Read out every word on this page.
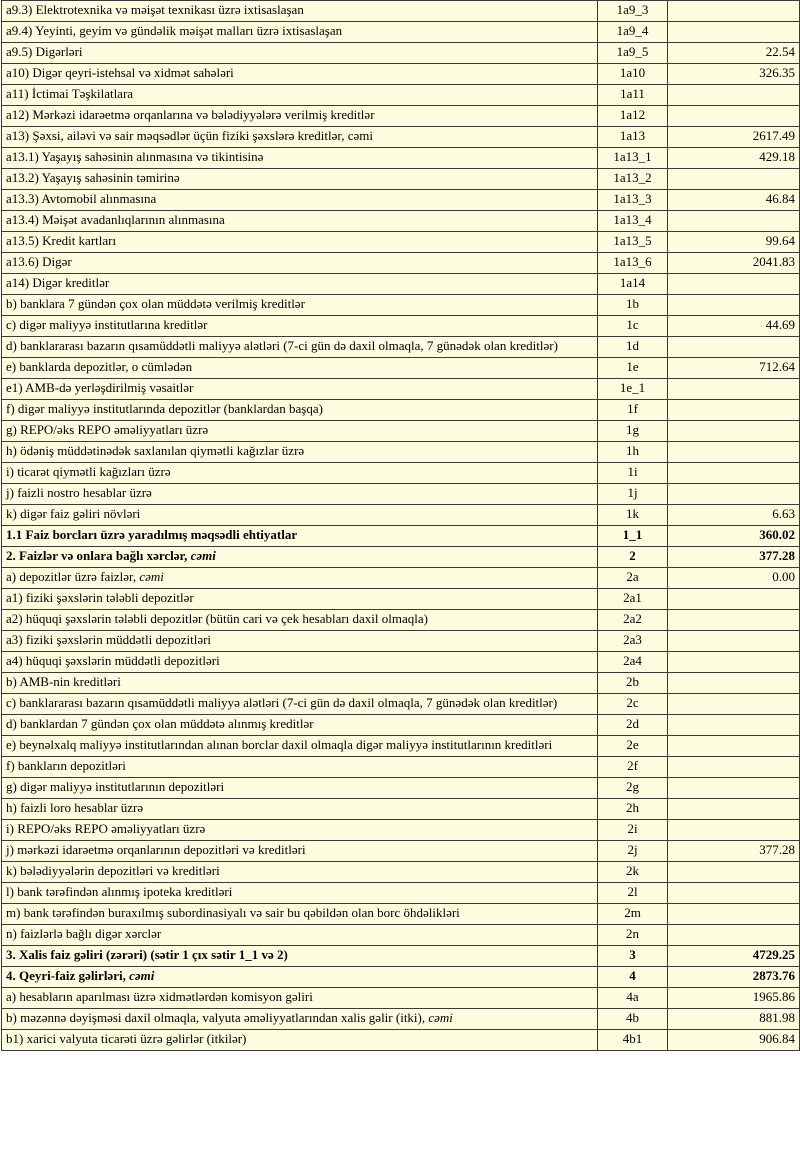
a9.3) Elektrotexnika və məişət texnikası üzrə ixtisaslaşan	1a9_3	
a9.4) Yeyinti, geyim və gündəlik məişət malları üzrə ixtisaslaşan	1a9_4	
a9.5) Digərləri	1a9_5	22.54
a10) Digər qeyri-istehsal və xidmət sahələri	1a10	326.35
a11) İctimai Təşkilatlara	1a11	
a12) Mərkəzi idarəetmə orqanlarına və bələdiyyələrə verilmiş kreditlər	1a12	
a13) Şəxsi, ailəvi və sair məqsədlər üçün fiziki şəxslərə kreditlər, cəmi	1a13	2617.49
a13.1) Yaşayış sahəsinin alınmasına və tikintisinə	1a13_1	429.18
a13.2) Yaşayış sahəsinin təmirinə	1a13_2	
a13.3) Avtomobil alınmasına	1a13_3	46.84
a13.4) Məişət avadanlıqlarının alınmasına	1a13_4	
a13.5) Kredit kartları	1a13_5	99.64
a13.6) Digər	1a13_6	2041.83
a14) Digər kreditlər	1a14	
b) banklara 7 gündən çox olan müddətə verilmiş kreditlər	1b	
c) digər maliyyə institutlarına kreditlər	1c	44.69
d) banklararası bazarın qısamüddətli maliyyə alətləri (7-ci gün də daxil olmaqla, 7 günədək olan kreditlər)	1d	
e) banklarda depozitlər, o cümlədən	1e	712.64
e1) AMB-də yerləşdirilmiş vəsaitlər	1e_1	
f) digər maliyyə institutlarında depozitlər (banklardan başqa)	1f	
g) REPO/əks REPO əməliyyatları üzrə	1g	
h) ödəniş müddətinədək saxlanılan qiymətli kağızlar üzrə	1h	
i) ticarət qiymətli kağızları üzrə	1i	
j) faizli nostro hesablar üzrə	1j	
k) digər faiz gəliri növləri	1k	6.63
1.1 Faiz borcları üzrə yaradılmış məqsədli ehtiyatlar	1_1	360.02
2. Faizlər və onlara bağlı xərclər, cəmi	2	377.28
a) depozitlər üzrə faizlər, cəmi	2a	0.00
a1) fiziki şəxslərin tələbli depozitlər	2a1	
a2) hüquqi şəxslərin tələbli depozitlər (bütün cari və çek hesabları daxil olmaqla)	2a2	
a3) fiziki şəxslərin müddətli depozitləri	2a3	
a4) hüquqi şəxslərin müddətli depozitləri	2a4	
b) AMB-nin kreditləri	2b	
c) banklararası bazarın qısamüddətli maliyyə alətləri (7-ci gün də daxil olmaqla, 7 günədək olan kreditlər)	2c	
d) banklardan 7 gündən çox olan müddətə alınmış kreditlər	2d	
e) beynəlxalq maliyyə institutlarından alınan borclar daxil olmaqla digər maliyyə institutlarının kreditləri	2e	
f) bankların depozitləri	2f	
g) digər maliyyə institutlarının depozitləri	2g	
h) faizli loro hesablar üzrə	2h	
i) REPO/əks REPO əməliyyatları üzrə	2i	
j) mərkəzi idarəetmə orqanlarının depozitləri və kreditləri	2j	377.28
k) bələdiyyələrin depozitləri və kreditləri	2k	
l) bank tərəfindən alınmış ipoteka kreditləri	2l	
m) bank tərəfindən buraxılmış subordinasiyalı və sair bu qəbildən olan borc öhdəlikləri	2m	
n) faizlərlə bağlı digər xərclər	2n	
3. Xalis faiz gəliri (zərəri) (sətir 1 çıx sətir 1_1 və 2)	3	4729.25
4. Qeyri-faiz gəlirləri, cəmi	4	2873.76
a) hesabların aparılması üzrə xidmətlərdən komisyon gəliri	4a	1965.86
b) məzənnə dəyişməsi daxil olmaqla, valyuta əməliyyatlarından xalis gəlir (itki), cəmi	4b	881.98
b1) xarici valyuta ticarəti üzrə gəlirlər (itkilər)	4b1	906.84
